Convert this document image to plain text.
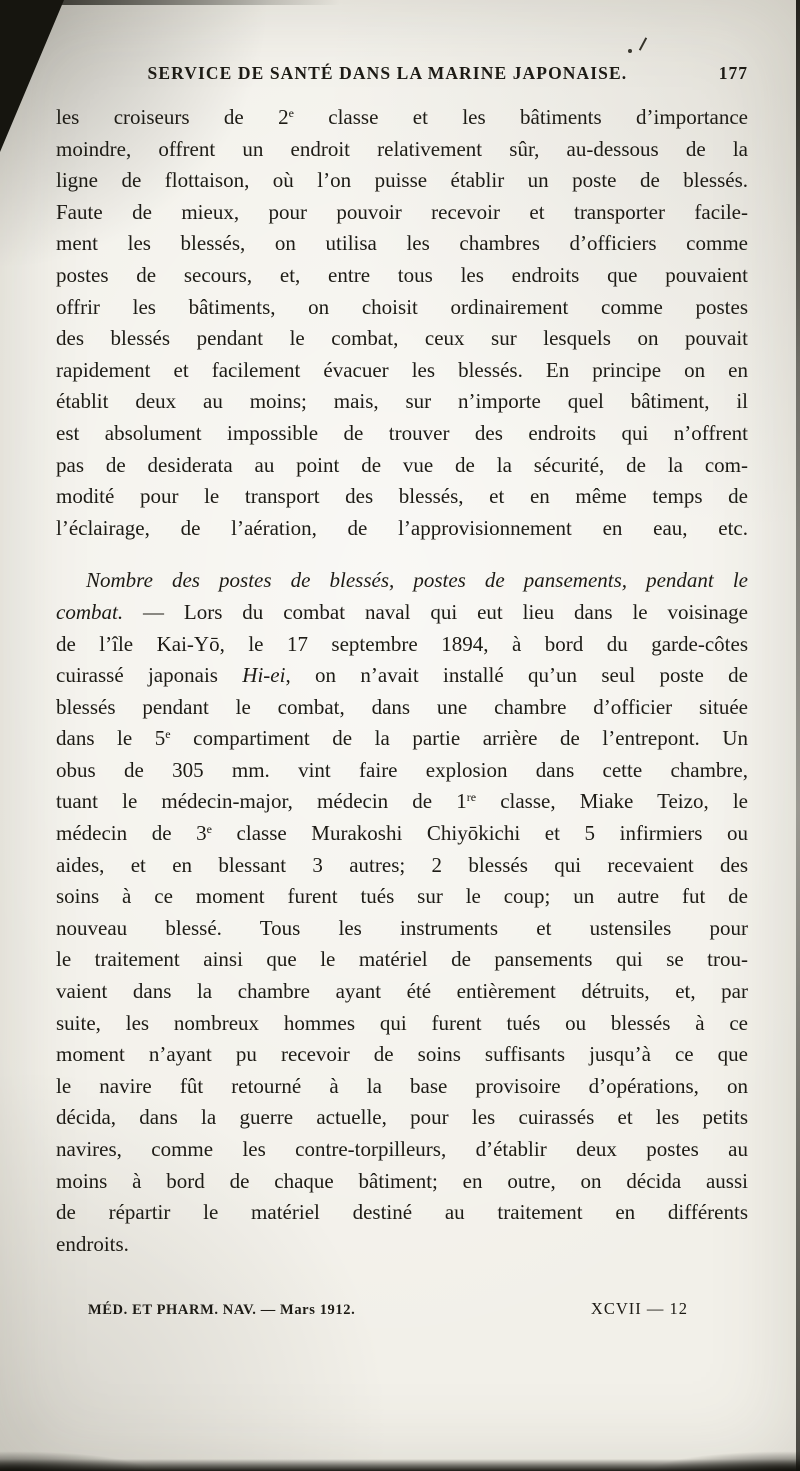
SERVICE DE SANTÉ DANS LA MARINE JAPONAISE.	177
les croiseurs de 2e classe et les bâtiments d’importance
moindre, offrent un endroit relativement sûr, au-dessous de la
ligne de flottaison, où l’on puisse établir un poste de blessés.
Faute de mieux, pour pouvoir recevoir et transporter facile-
ment les blessés, on utilisa les chambres d’officiers comme
postes de secours, et, entre tous les endroits que pouvaient
offrir les bâtiments, on choisit ordinairement comme postes
des blessés pendant le combat, ceux sur lesquels on pouvait
rapidement et facilement évacuer les blessés. En principe on en
établit deux au moins; mais, sur n’importe quel bâtiment, il
est absolument impossible de trouver des endroits qui n’offrent
pas de desiderata au point de vue de la sécurité, de la com-
modité pour le transport des blessés, et en même temps de
l’éclairage, de l’aération, de l’approvisionnement en eau, etc.
Nombre des postes de blessés, postes de pansements, pendant le
combat. — Lors du combat naval qui eut lieu dans le voisinage
de l’île Kai-Yō, le 17 septembre 1894, à bord du garde-côtes
cuirassé japonais Hi-ei, on n’avait installé qu’un seul poste de
blessés pendant le combat, dans une chambre d’officier située
dans le 5e compartiment de la partie arrière de l’entrepont. Un
obus de 305 mm. vint faire explosion dans cette chambre,
tuant le médecin-major, médecin de 1re classe, Miake Teizo, le
médecin de 3e classe Murakoshi Chiyōkichi et 5 infirmiers ou
aides, et en blessant 3 autres; 2 blessés qui recevaient des
soins à ce moment furent tués sur le coup; un autre fut de
nouveau blessé. Tous les instruments et ustensiles pour
le traitement ainsi que le matériel de pansements qui se trou-
vaient dans la chambre ayant été entièrement détruits, et, par
suite, les nombreux hommes qui furent tués ou blessés à ce
moment n’ayant pu recevoir de soins suffisants jusqu’à ce que
le navire fût retourné à la base provisoire d’opérations, on
décida, dans la guerre actuelle, pour les cuirassés et les petits
navires, comme les contre-torpilleurs, d’établir deux postes au
moins à bord de chaque bâtiment; en outre, on décida aussi
de répartir le matériel destiné au traitement en différents
endroits.
MÉD. ET PHARM. NAV. — Mars 1912.	XCVII — 12
